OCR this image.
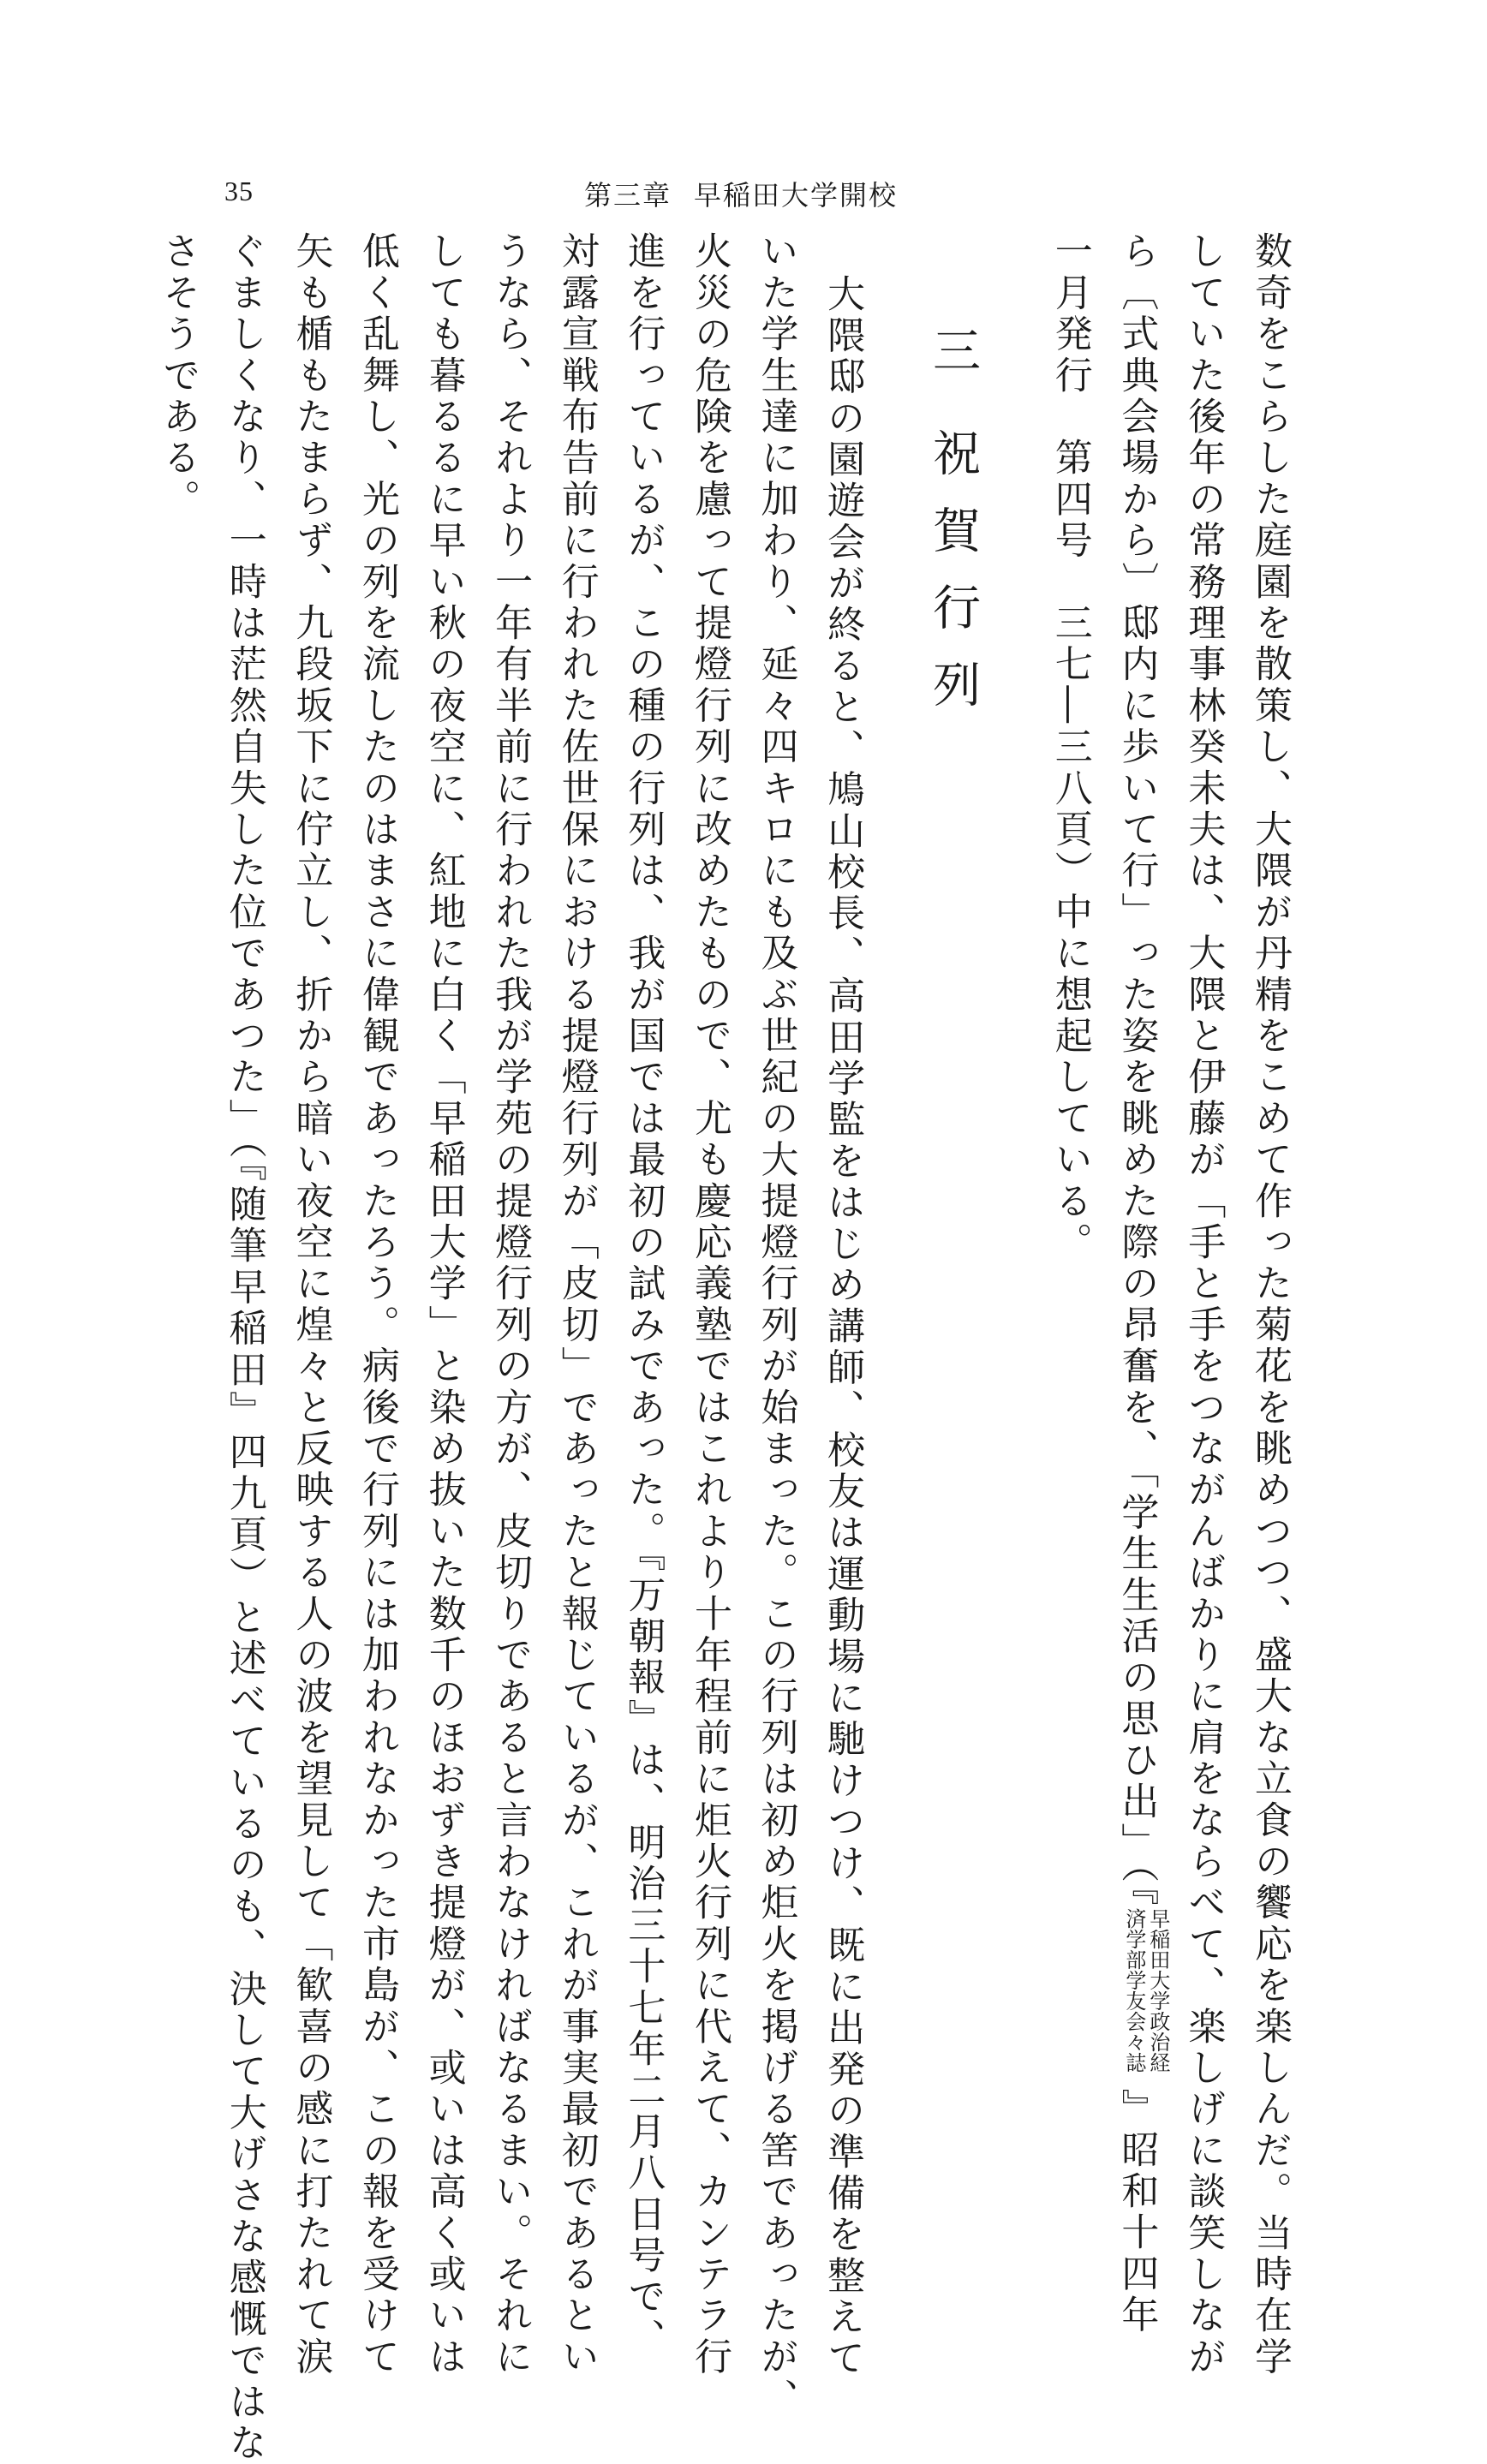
35	第三章 早稲田大学開校
数奇をこらした庭園を散策し、大隈が丹精をこめて作った菊花を眺めつつ、盛大な立食の饗応を楽しんだ。当時在学
していた後年の常務理事林癸未夫は、大隈と伊藤が「手と手をつながんばかりに肩をならべて、楽しげに談笑しなが
ら〔式典会場から〕邸内に歩いて行」った姿を眺めた際の昂奮を、「学生生活の思ひ出」（『早稲田大学政治経済学部学友会々誌』昭和十四年
一月発行　第四号　三七―三八頁）中に想起している。
三祝賀行列
大隈邸の園遊会が終ると、鳩山校長、高田学監をはじめ講師、校友は運動場に馳けつけ、既に出発の準備を整えて
いた学生達に加わり、延々四キロにも及ぶ世紀の大提燈行列が始まった。この行列は初め炬火を掲げる筈であったが、
火災の危険を慮って提燈行列に改めたもので、尤も慶応義塾ではこれより十年程前に炬火行列に代えて、カンテラ行
進を行っているが、この種の行列は、我が国では最初の試みであった。『万朝報』は、明治三十七年二月八日号で、
対露宣戦布告前に行われた佐世保における提燈行列が「皮切」であったと報じているが、これが事実最初であるとい
うなら、それより一年有半前に行われた我が学苑の提燈行列の方が、皮切りであると言わなければなるまい。それに
しても暮るるに早い秋の夜空に、紅地に白く「早稲田大学」と染め抜いた数千のほおずき提燈が、或いは高く或いは
低く乱舞し、光の列を流したのはまさに偉観であったろう。病後で行列には加われなかった市島が、この報を受けて
矢も楯もたまらず、九段坂下に佇立し、折から暗い夜空に煌々と反映する人の波を望見して「歓喜の感に打たれて涙
ぐましくなり、一時は茫然自失した位であつた」（『随筆早稲田』四九頁）と述べているのも、決して大げさな感慨ではな
さそうである。
